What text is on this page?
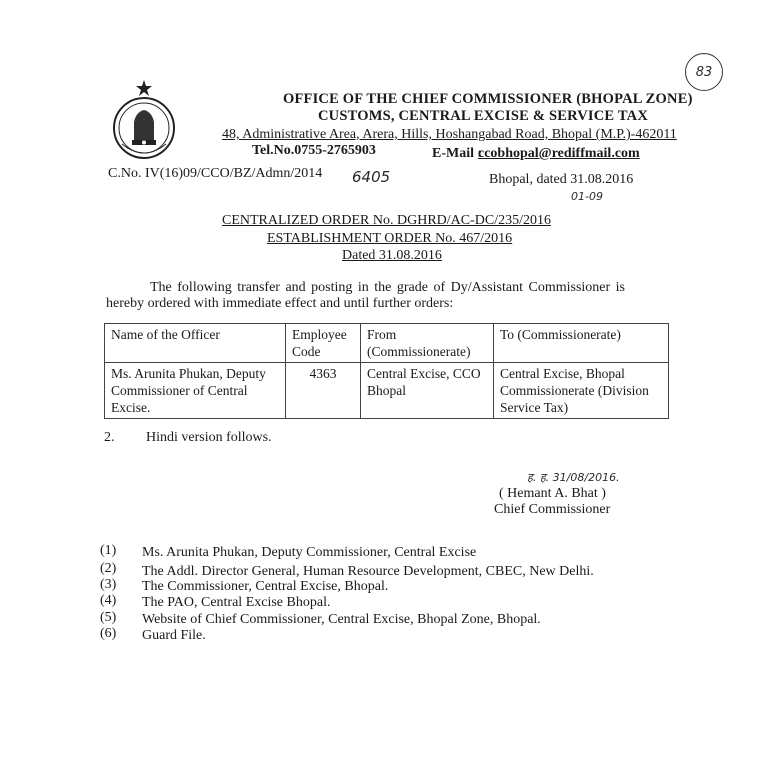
83
OFFICE OF THE CHIEF COMMISSIONER (BHOPAL ZONE)
CUSTOMS, CENTRAL EXCISE & SERVICE TAX
48, Administrative Area, Arera, Hills, Hoshangabad Road, Bhopal (M.P.)-462011
Tel.No.0755-2765903	E-Mail :
ccobhopal@rediffmail.com
C.No. IV(16)09/CCO/BZ/Admn/2014 6405	Bhopal, dated 31.08.2016
01-09
CENTRALIZED ORDER No. DGHRD/AC-DC/235/2016
ESTABLISHMENT ORDER No. 467/2016
Dated 31.08.2016
The following transfer and posting in the grade of Dy/Assistant Commissioner is
hereby ordered with immediate effect and until further orders:
Name of the Officer	Employee Code	From (Commissionerate)	To (Commissionerate)
Ms. Arunita Phukan, Deputy Commissioner of Central Excise.	4363	Central Excise, CCO Bhopal	Central Excise, Bhopal Commissionerate (Division Service Tax)
2. Hindi version follows.
ह. ह. 31/08/2016.
( Hemant A. Bhat )
Chief Commissioner
(1) Ms. Arunita Phukan, Deputy Commissioner, Central Excise
(2) The Addl. Director General, Human Resource Development, CBEC, New Delhi.
(3) The Commissioner, Central Excise, Bhopal.
(4) The PAO, Central Excise Bhopal.
(5) Website of Chief Commissioner, Central Excise, Bhopal Zone, Bhopal.
(6) Guard File.
